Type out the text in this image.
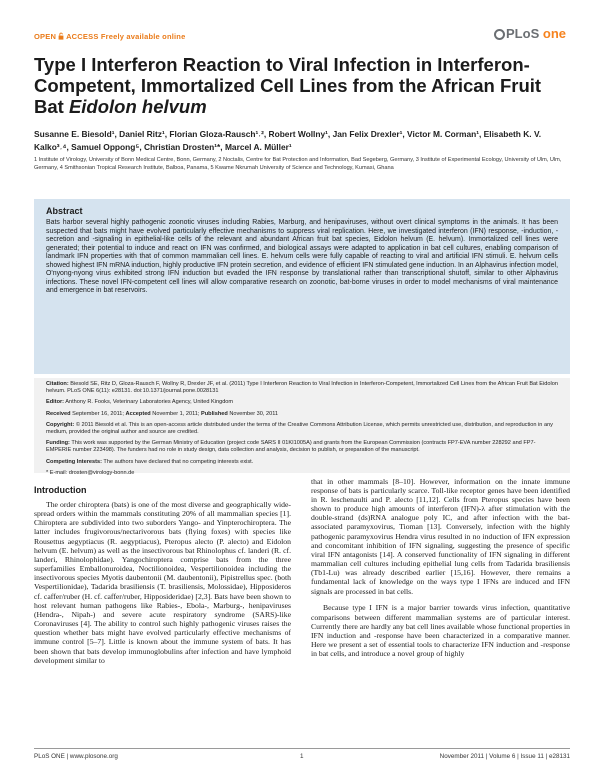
OPEN ACCESS Freely available online	PLoS one
Type I Interferon Reaction to Viral Infection in Interferon-Competent, Immortalized Cell Lines from the African Fruit Bat Eidolon helvum

Susanne E. Biesold¹, Daniel Ritz¹, Florian Gloza-Rausch¹˒², Robert Wollny¹, Jan Felix Drexler¹, Victor M. Corman¹, Elisabeth K. V. Kalko³˒⁴, Samuel Oppong⁵, Christian Drosten¹*, Marcel A. Müller¹

1 Institute of Virology, University of Bonn Medical Centre, Bonn, Germany, 2 Noctalis, Centre for Bat Protection and Information, Bad Segeberg, Germany, 3 Institute of Experimental Ecology, University of Ulm, Ulm, Germany, 4 Smithsonian Tropical Research Institute, Balboa, Panama, 5 Kwame Nkrumah University of Science and Technology, Kumasi, Ghana

Abstract

Bats harbor several highly pathogenic zoonotic viruses including Rabies, Marburg, and henipaviruses, without overt clinical symptoms in the animals. It has been suspected that bats might have evolved particularly effective mechanisms to suppress viral replication. Here, we investigated interferon (IFN) response, -induction, -secretion and -signaling in epithelial-like cells of the relevant and abundant African fruit bat species, Eidolon helvum (E. helvum). Immortalized cell lines were generated; their potential to induce and react on IFN was confirmed, and biological assays were adapted to application in bat cell cultures, enabling comparison of landmark IFN properties with that of common mammalian cell lines. E. helvum cells were fully capable of reacting to viral and artificial IFN stimuli. E. helvum cells showed highest IFN mRNA induction, highly productive IFN protein secretion, and evidence of efficient IFN stimulated gene induction. In an Alphavirus infection model, O'nyong-nyong virus exhibited strong IFN induction but evaded the IFN response by translational rather than transcriptional shutoff, similar to other Alphavirus infections. These novel IFN-competent cell lines will allow comparative research on zoonotic, bat-borne viruses in order to model mechanisms of viral maintenance and emergence in bat reservoirs.

Citation: Biesold SE, Ritz D, Gloza-Rausch F, Wollny R, Drexler JF, et al. (2011) Type I Interferon Reaction to Viral Infection in Interferon-Competent, Immortalized Cell Lines from the African Fruit Bat Eidolon helvum. PLoS ONE 6(11): e28131. doi:10.1371/journal.pone.0028131

Editor: Anthony R. Fooks, Veterinary Laboratories Agency, United Kingdom

Received September 16, 2011; Accepted November 1, 2011; Published November 30, 2011

Copyright: © 2011 Biesold et al. This is an open-access article distributed under the terms of the Creative Commons Attribution License, which permits unrestricted use, distribution, and reproduction in any medium, provided the original author and source are credited.

Funding: This work was supported by the German Ministry of Education (project code SARS II 01KI1005A) and grants from the European Commission (contracts FP7-EVA number 228292 and FP7-EMPERIE number 223498). The funders had no role in study design, data collection and analysis, decision to publish, or preparation of the manuscript.

Competing Interests: The authors have declared that no competing interests exist.

* E-mail: drosten@virology-bonn.de

Introduction

The order chiroptera (bats) is one of the most diverse and geographically wide-spread orders within the mammals constituting 20% of all mammalian species [1]. Chiroptera are subdivided into two suborders Yango- and Yinpterochiroptera. The latter includes frugivorous/nectarivorous bats (flying foxes) with species like Rousettus aegyptiacus (R. aegyptiacus), Pteropus alecto (P. alecto) and Eidolon helvum (E. helvum) as well as the insectivorous bat Rhinolophus cf. landeri (R. cf. landeri, Rhinolophidae). Yangochiroptera comprise bats from the three superfamilies Emballonuroidea, Noctilionoidea, Vespertilionoidea including the insectivorous species Myotis daubentonii (M. daubentonii), Pipistrellus spec. (both Vespertilionidae), Tadarida brasiliensis (T. brasiliensis, Molossidae), Hipposideros cf. caffer/ruber (H. cf. caffer/ruber, Hipposideridae) [2,3]. Bats have been shown to host relevant human pathogens like Rabies-, Ebola-, Marburg-, henipaviruses (Hendra-, Nipah-) and severe acute respiratory syndrome (SARS)-like Coronaviruses [4]. The ability to control such highly pathogenic viruses raises the question whether bats might have evolved particularly effective mechanisms of immune control [5–7]. Little is known about the immune system of bats. It has been shown that bats develop immunoglobulins after infection and have lymphoid development similar to

that in other mammals [8–10]. However, information on the innate immune response of bats is particularly scarce. Toll-like receptor genes have been identified in R. leschenaulti and P. alecto [11,12]. Cells from Pteropus species have been shown to produce high amounts of interferon (IFN)-λ after stimulation with the double-strand (ds)RNA analogue poly IC, and after infection with the bat-associated paramyxovirus, Tioman [13]. Conversely, infection with the highly pathogenic paramyxovirus Hendra virus resulted in no induction of IFN expression and concomitant inhibition of IFN signaling, suggesting the presence of specific viral IFN antagonists [14]. A conserved functionality of IFN signaling in different mammalian cell cultures including epithelial lung cells from Tadarida brasiliensis (Tb1-Lu) was already described earlier [15,16]. However, there remains a fundamental lack of knowledge on the ways type I IFNs are induced and IFN signals are processed in bat cells.

Because type I IFN is a major barrier towards virus infection, quantitative comparisons between different mammalian systems are of particular interest. Currently there are hardly any bat cell lines available whose functional properties in IFN induction and -response have been characterized in a comparative manner. Here we present a set of essential tools to characterize IFN induction and -response in bat cells, and introduce a novel group of highly

PLoS ONE | www.plosone.org	1	November 2011 | Volume 6 | Issue 11 | e28131
